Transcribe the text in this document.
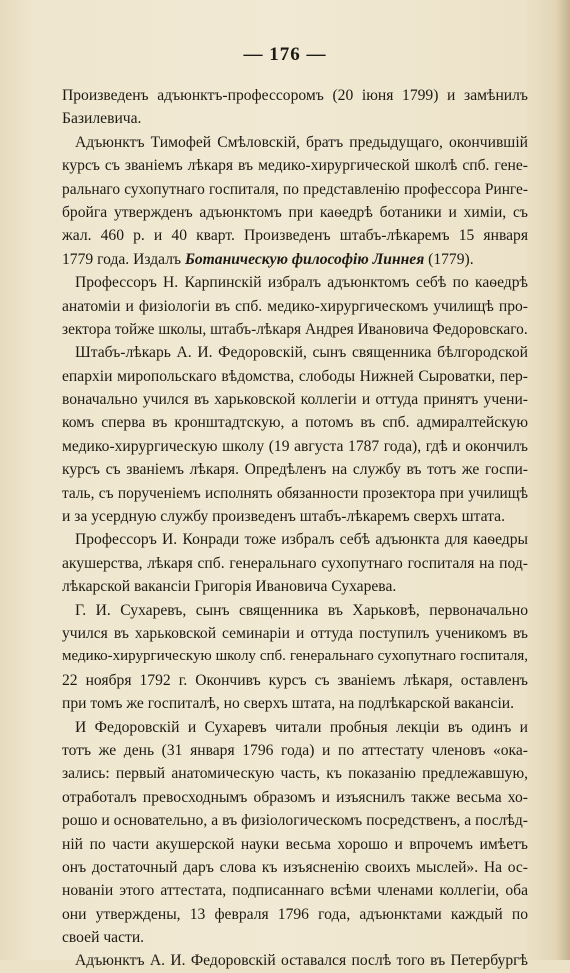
— 176 —
Произведенъ адъюнктъ-профессоромъ (20 іюня 1799) и замѣнилъ
Базилевича.
Адъюнктъ Тимофей Смѣловскій, братъ предыдущаго, окончившій
курсъ съ званіемъ лѣкаря въ медико-хирургической школѣ спб. гене-
ральнаго сухопутнаго госпиталя, по представленію профессора Ринге-
бройга утвержденъ адъюнктомъ при каѳедрѣ ботаники и химіи, съ
жал. 460 р. и 40 кварт. Произведенъ штабъ-лѣкаремъ 15 января
1779 года. Издалъ Ботаническую философію Линнея (1779).
Профессоръ Н. Карпинскій избралъ адъюнктомъ себѣ по каѳедрѣ
анатоміи и физіологіи въ спб. медико-хирургическомъ училищѣ про-
зектора тойже школы, штабъ-лѣкаря Андрея Ивановича Федоровскаго.
Штабъ-лѣкарь А. И. Федоровскій, сынъ священника бѣлгородской
епархіи миропольскаго вѣдомства, слободы Нижней Сыроватки, пер-
воначально учился въ харьковской коллегіи и оттуда принятъ учени-
комъ сперва въ кронштадтскую, а потомъ въ спб. адмиралтейскую
медико-хирургическую школу (19 августа 1787 года), гдѣ и окончилъ
курсъ съ званіемъ лѣкаря. Опредѣленъ на службу въ тотъ же госпи-
таль, съ порученіемъ исполнять обязанности прозектора при училищѣ
и за усердную службу произведенъ штабъ-лѣкаремъ сверхъ штата.
Профессоръ И. Конради тоже избралъ себѣ адъюнкта для каѳедры
акушерства, лѣкаря спб. генеральнаго сухопутнаго госпиталя на под-
лѣкарской вакансіи Григорія Ивановича Сухарева.
Г. И. Сухаревъ, сынъ священника въ Харьковѣ, первоначально
учился въ харьковской семинаріи и оттуда поступилъ ученикомъ въ
медико-хирургическую школу спб. генеральнаго сухопутнаго госпиталя,
22 ноября 1792 г. Окончивъ курсъ съ званіемъ лѣкаря, оставленъ
при томъ же госпиталѣ, но сверхъ штата, на подлѣкарской вакансіи.
И Федоровскій и Сухаревъ читали пробныя лекціи въ одинъ и
тотъ же день (31 января 1796 года) и по аттестату членовъ «ока-
зались: первый анатомическую часть, къ показанію предлежавшую,
отработалъ превосходнымъ образомъ и изъяснилъ также весьма хо-
рошо и основательно, а въ физіологическомъ посредственъ, а послѣд-
ній по части акушерской науки весьма хорошо и впрочемъ имѣетъ
онъ достаточный даръ слова къ изъясненію своихъ мыслей». На ос-
нованіи этого аттестата, подписаннаго всѣми членами коллегіи, оба
они утверждены, 13 февраля 1796 года, адъюнктами каждый по
своей части.
Адъюнктъ А. И. Федоровскій оставался послѣ того въ Петербургѣ
